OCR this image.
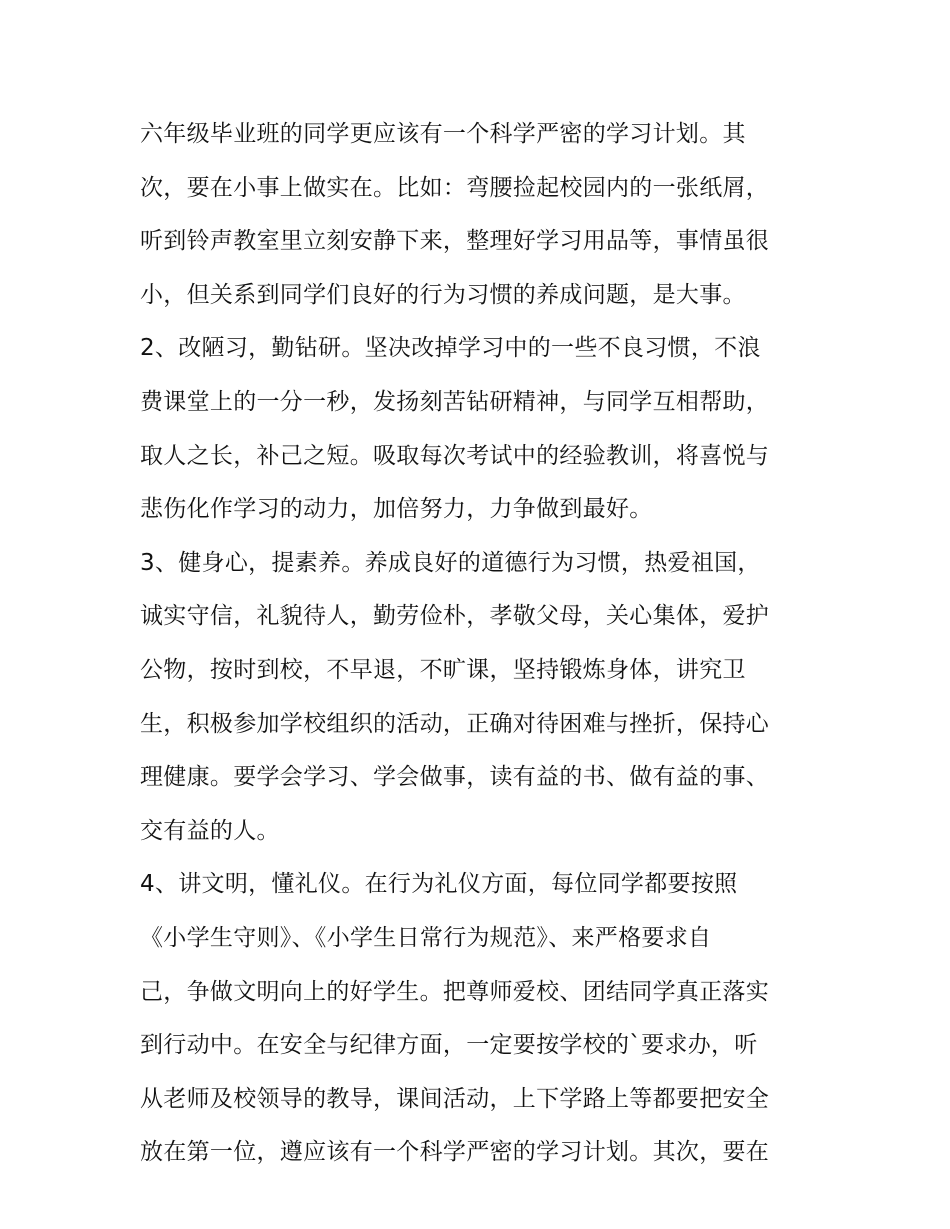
六年级毕业班的同学更应该有一个科学严密的学习计划。其
次，要在小事上做实在。比如：弯腰捡起校园内的一张纸屑，
听到铃声教室里立刻安静下来，整理好学习用品等，事情虽很
小，但关系到同学们良好的行为习惯的养成问题，是大事。
2、改陋习，勤钻研。坚决改掉学习中的一些不良习惯，不浪
费课堂上的一分一秒，发扬刻苦钻研精神，与同学互相帮助，
取人之长，补己之短。吸取每次考试中的经验教训，将喜悦与
悲伤化作学习的动力，加倍努力，力争做到最好。
3、健身心，提素养。养成良好的道德行为习惯，热爱祖国，
诚实守信，礼貌待人，勤劳俭朴，孝敬父母，关心集体，爱护
公物，按时到校，不早退，不旷课，坚持锻炼身体，讲究卫
生，积极参加学校组织的活动，正确对待困难与挫折，保持心
理健康。要学会学习、学会做事，读有益的书、做有益的事、
交有益的人。
4、讲文明，懂礼仪。在行为礼仪方面，每位同学都要按照
《小学生守则》、《小学生日常行为规范》、来严格要求自
己，争做文明向上的好学生。把尊师爱校、团结同学真正落实
到行动中。在安全与纪律方面，一定要按学校的`要求办，听
从老师及校领导的教导，课间活动，上下学路上等都要把安全
放在第一位，遵应该有一个科学严密的学习计划。其次，要在
